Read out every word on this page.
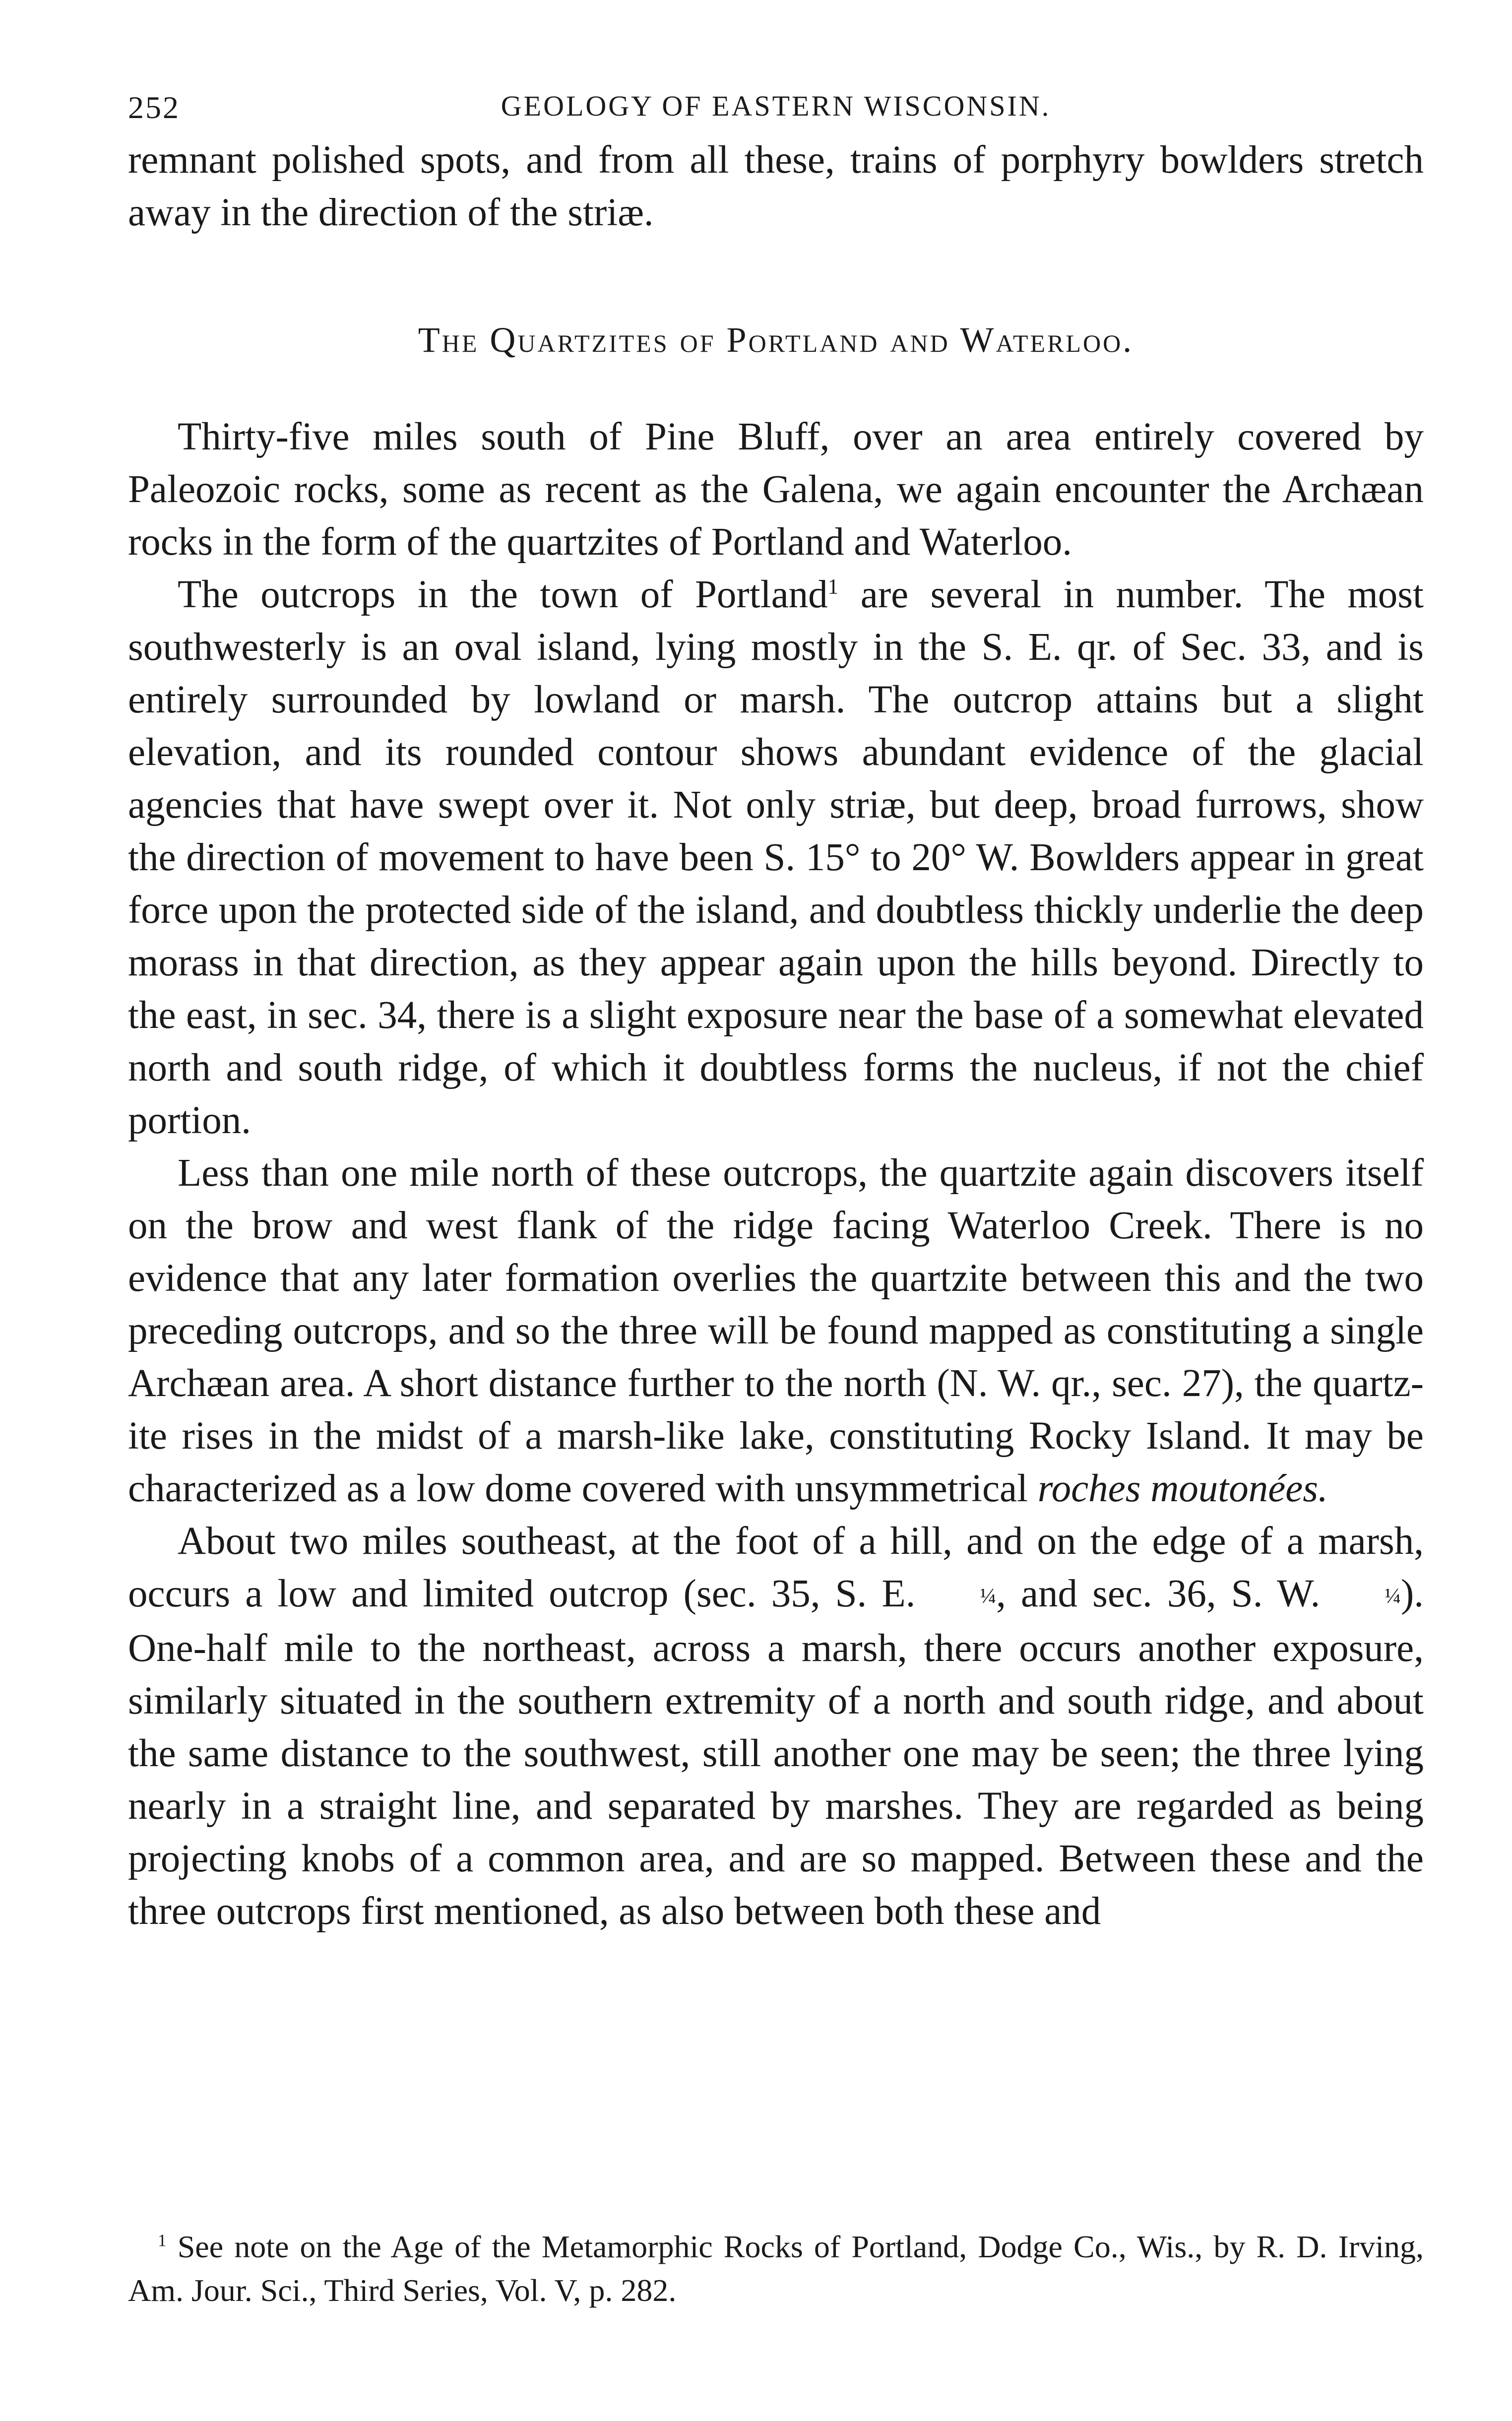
252	GEOLOGY OF EASTERN WISCONSIN.

remnant polished spots, and from all these, trains of porphyry bowlders stretch away in the direction of the striæ.

The Quartzites of Portland and Waterloo.

Thirty-five miles south of Pine Bluff, over an area entirely covered by Paleozoic rocks, some as recent as the Galena, we again encounter the Archæan rocks in the form of the quartzites of Portland and Waterloo.

The outcrops in the town of Portland$^1$ are several in number. The most southwesterly is an oval island, lying mostly in the S. E. qr. of Sec. 33, and is entirely surrounded by lowland or marsh. The outcrop attains but a slight elevation, and its rounded contour shows abundant evidence of the glacial agencies that have swept over it. Not only striæ, but deep, broad furrows, show the direction of movement to have been S. 15° to 20° W. Bowlders appear in great force upon the protected side of the island, and doubtless thickly underlie the deep morass in that direction, as they appear again upon the hills beyond. Directly to the east, in sec. 34, there is a slight exposure near the base of a somewhat elevated north and south ridge, of which it doubtless forms the nucleus, if not the chief portion.

Less than one mile north of these outcrops, the quartzite again discovers itself on the brow and west flank of the ridge facing Waterloo Creek. There is no evidence that any later formation overlies the quartzite between this and the two preceding outcrops, and so the three will be found mapped as constituting a single Archæan area. A short distance further to the north (N. W. qr., sec. 27), the quartzite rises in the midst of a marsh-like lake, constituting Rocky Island. It may be characterized as a low dome covered with unsymmetrical roches moutonées.

About two miles southeast, at the foot of a hill, and on the edge of a marsh, occurs a low and limited outcrop (sec. 35, S. E. ¼, and sec. 36, S. W. ¼). One-half mile to the northeast, across a marsh, there occurs another exposure, similarly situated in the southern extremity of a north and south ridge, and about the same distance to the southwest, still another one may be seen; the three lying nearly in a straight line, and separated by marshes. They are regarded as being projecting knobs of a common area, and are so mapped. Between these and the three outcrops first mentioned, as also between both these and

$^1$ See note on the Age of the Metamorphic Rocks of Portland, Dodge Co., Wis., by R. D. Irving, Am. Jour. Sci., Third Series, Vol. V, p. 282.
